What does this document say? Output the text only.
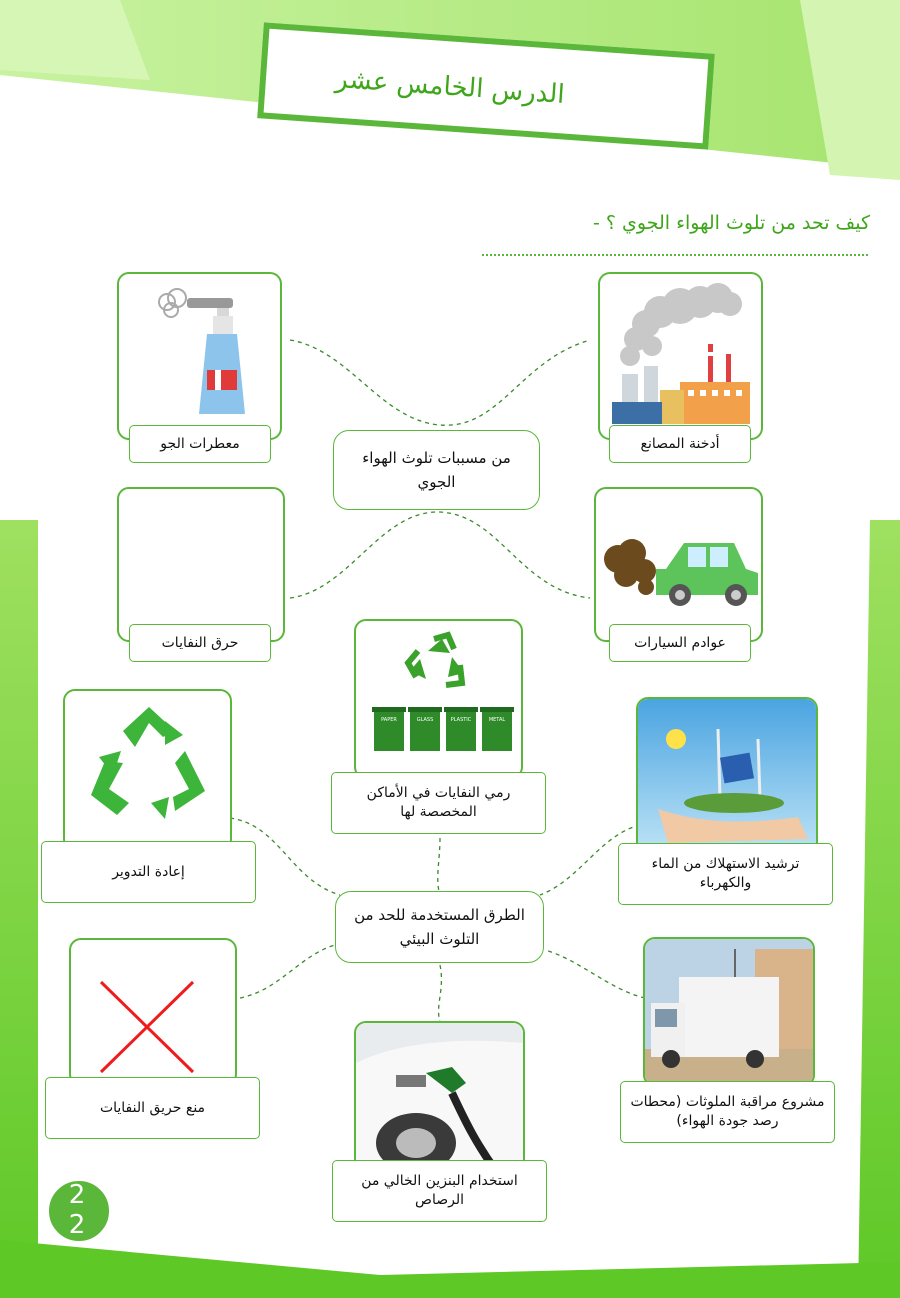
الدرس الخامس عشر
كيف تحد من تلوث الهواء الجوي ؟ -
أدخنة المصانع
معطرات الجو
من مسببات تلوث الهواء الجوي
عوادم السيارات
حرق النفايات
PAPER	GLASS	PLASTIC	METAL
رمي النفايات في الأماكن المخصصة لها
إعادة التدوير	ترشيد الاستهلاك من الماء والكهرباء
الطرق المستخدمة للحد من التلوث البيئي
منع حريق النفايات	مشروع مراقبة الملوثات (محطات رصد جودة الهواء)
استخدام البنزين الخالي من الرصاص
22
